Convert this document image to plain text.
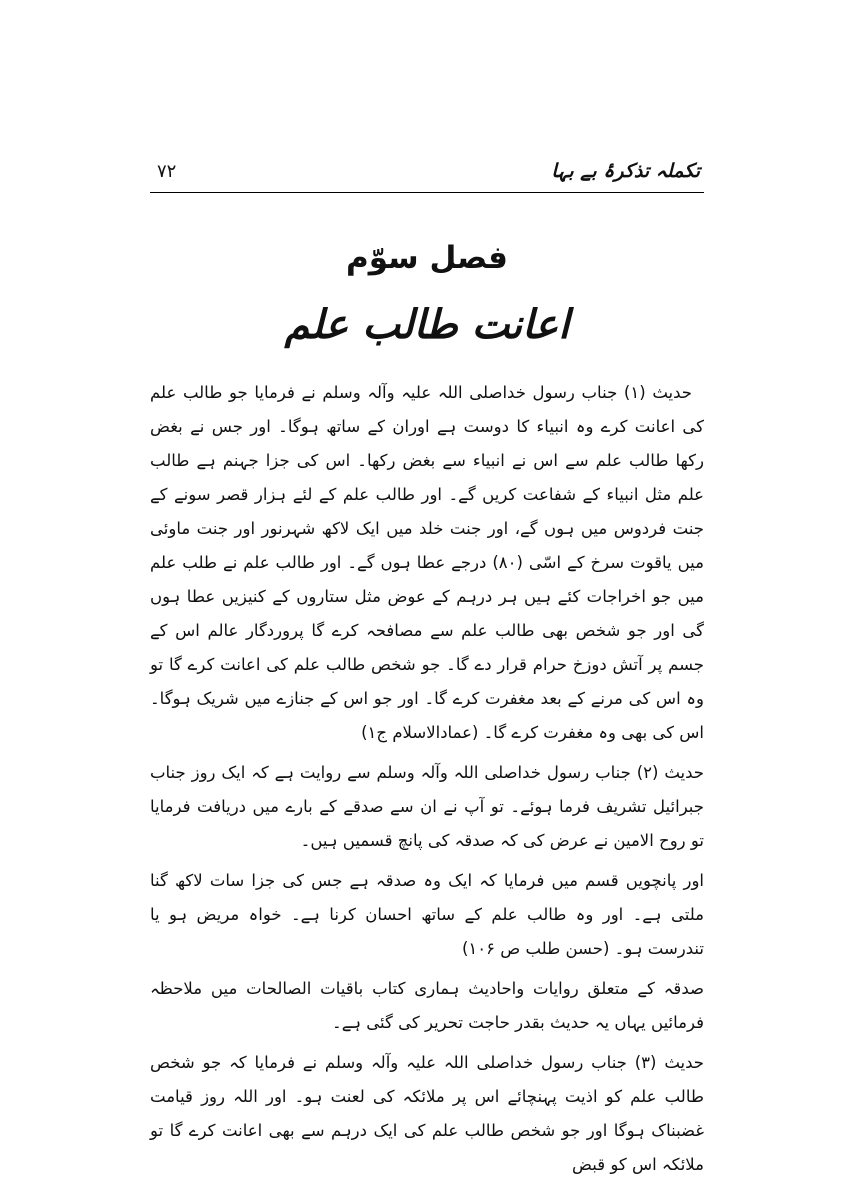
تکملہ تذکرۂ بے بہا
۷۲
فصل سوّم
اعانت طالب علم

حدیث (۱) جناب رسول خداصلی اللہ علیہ وآلہ وسلم نے فرمایا جو طالب علم کی اعانت کرے وہ انبیاء کا دوست ہے اوران کے ساتھ ہوگا۔ اور جس نے بغض رکھا طالب علم سے اس نے انبیاء سے بغض رکھا۔ اس کی جزا جہنم ہے طالب علم مثل انبیاء کے شفاعت کریں گے۔ اور طالب علم کے لئے ہزار قصر سونے کے جنت فردوس میں ہوں گے، اور جنت خلد میں ایک لاکھ شہرنور اور جنت ماوئی میں یاقوت سرخ کے اسّی (۸۰) درجے عطا ہوں گے۔ اور طالب علم نے طلب علم میں جو اخراجات کئے ہیں ہر درہم کے عوض مثل ستاروں کے کنیزیں عطا ہوں گی اور جو شخص بھی طالب علم سے مصافحہ کرے گا پروردگار عالم اس کے جسم پر آتش دوزخ حرام قرار دے گا۔ جو شخص طالب علم کی اعانت کرے گا تو وہ اس کی مرنے کے بعد مغفرت کرے گا۔ اور جو اس کے جنازے میں شریک ہوگا۔ اس کی بھی وہ مغفرت کرے گا۔ (عمادالاسلام ج۱)

حدیث (۲) جناب رسول خداصلی اللہ وآلہ وسلم سے روایت ہے کہ ایک روز جناب جبرائیل تشریف فرما ہوئے۔ تو آپ نے ان سے صدقے کے بارے میں دریافت فرمایا تو روح الامین نے عرض کی کہ صدقہ کی پانچ قسمیں ہیں۔

اور پانچویں قسم میں فرمایا کہ ایک وہ صدقہ ہے جس کی جزا سات لاکھ گنا ملتی ہے۔ اور وہ طالب علم کے ساتھ احسان کرنا ہے۔ خواہ مریض ہو یا تندرست ہو۔ (حسن طلب ص ۱۰۶)

صدقہ کے متعلق روایات واحادیث ہماری کتاب باقیات الصالحات میں ملاحظہ فرمائیں یہاں یہ حدیث بقدر حاجت تحریر کی گئی ہے۔

حدیث (۳) جناب رسول خداصلی اللہ علیہ وآلہ وسلم نے فرمایا کہ جو شخص طالب علم کو اذیت پہنچائے اس پر ملائکہ کی لعنت ہو۔ اور اللہ روز قیامت غضبناک ہوگا اور جو شخص طالب علم کی ایک درہم سے بھی اعانت کرے گا تو ملائکہ اس کو قبض
